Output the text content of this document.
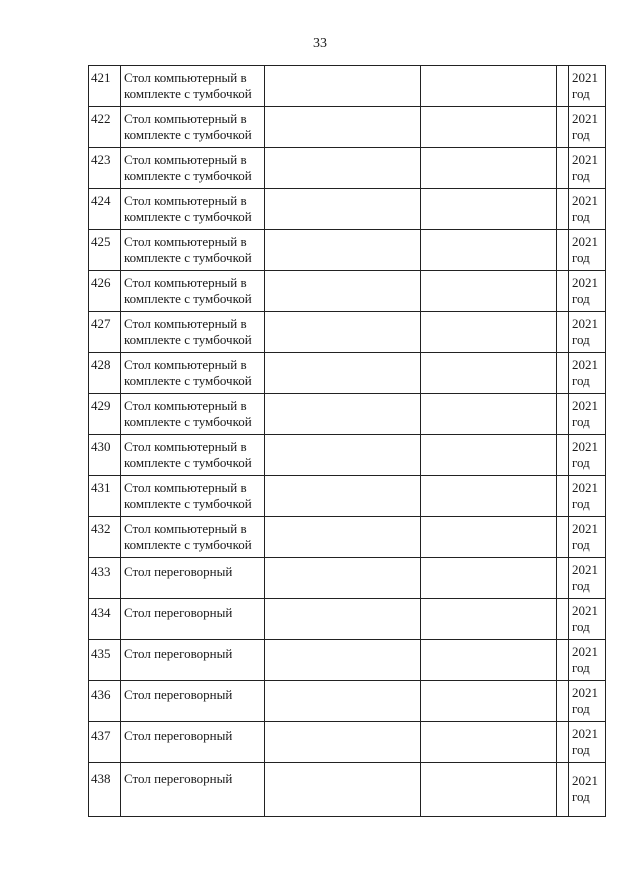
33
421	Стол компьютерный в
комплекте с тумбочкой				2021
год

422	Стол компьютерный в
комплекте с тумбочкой				2021
год

423	Стол компьютерный в
комплекте с тумбочкой				2021
год

424	Стол компьютерный в
комплекте с тумбочкой				2021
год

425	Стол компьютерный в
комплекте с тумбочкой				2021
год

426	Стол компьютерный в
комплекте с тумбочкой				2021
год

427	Стол компьютерный в
комплекте с тумбочкой				2021
год

428	Стол компьютерный в
комплекте с тумбочкой				2021
год

429	Стол компьютерный в
комплекте с тумбочкой				2021
год

430	Стол компьютерный в
комплекте с тумбочкой				2021
год

431	Стол компьютерный в
комплекте с тумбочкой				2021
год

432	Стол компьютерный в
комплекте с тумбочкой				2021
год

433	Стол переговорный				2021
год

434	Стол переговорный				2021
год

435	Стол переговорный				2021
год

436	Стол переговорный				2021
год

437	Стол переговорный				2021
год

438	Стол переговорный				2021
год
